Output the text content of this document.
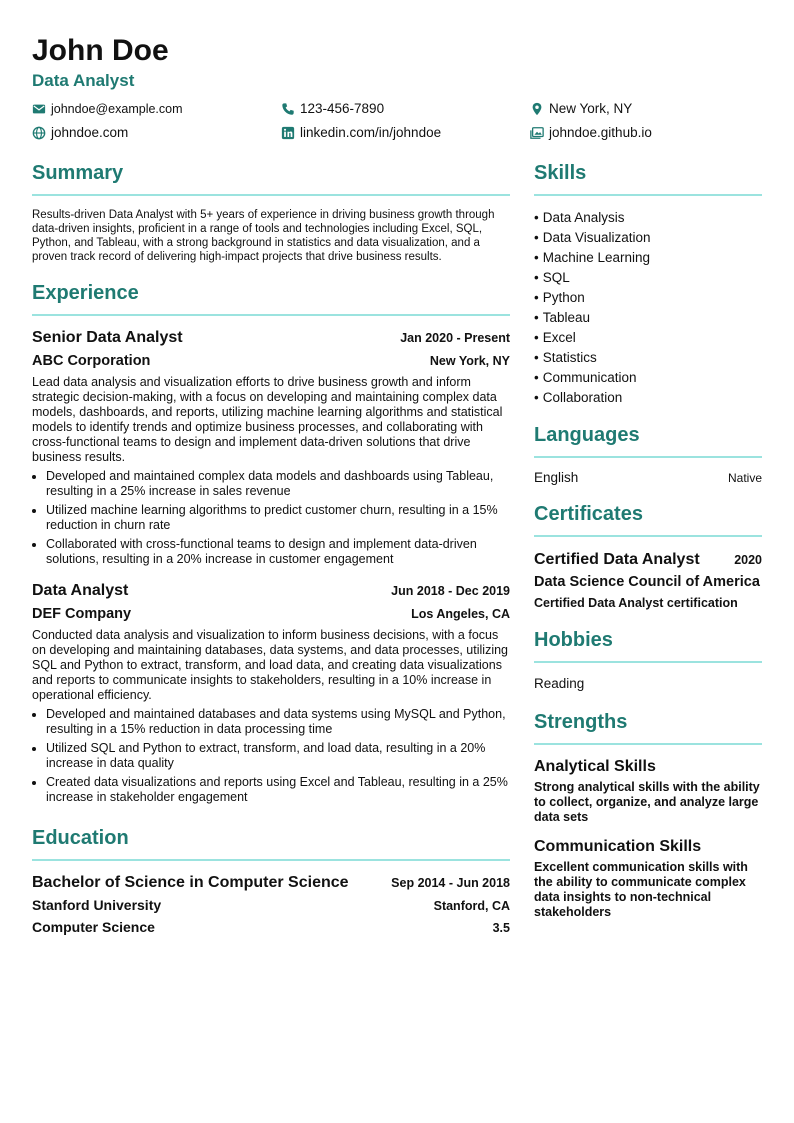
John Doe
Data Analyst
johndoe@example.com	123-456-7890	New York, NY
johndoe.com	linkedin.com/in/johndoe	johndoe.github.io
Summary

Results-driven Data Analyst with 5+ years of experience in driving business growth through data-driven insights, proficient in a range of tools and technologies including Excel, SQL, Python, and Tableau, with a strong background in statistics and data visualization, and a proven track record of delivering high-impact projects that drive business results.

Experience
Senior Data Analyst	Jan 2020 - Present
ABC Corporation	New York, NY
Lead data analysis and visualization efforts to drive business growth and inform strategic decision-making, with a focus on developing and maintaining complex data models, dashboards, and reports, utilizing machine learning algorithms and statistical models to identify trends and optimize business processes, and collaborating with cross-functional teams to design and implement data-driven solutions that drive business results.
• Developed and maintained complex data models and dashboards using Tableau, resulting in a 25% increase in sales revenue
• Utilized machine learning algorithms to predict customer churn, resulting in a 15% reduction in churn rate
• Collaborated with cross-functional teams to design and implement data-driven solutions, resulting in a 20% increase in customer engagement
Data Analyst	Jun 2018 - Dec 2019
DEF Company	Los Angeles, CA
Conducted data analysis and visualization to inform business decisions, with a focus on developing and maintaining databases, data systems, and data processes, utilizing SQL and Python to extract, transform, and load data, and creating data visualizations and reports to communicate insights to stakeholders, resulting in a 10% increase in operational efficiency.
• Developed and maintained databases and data systems using MySQL and Python, resulting in a 15% reduction in data processing time
• Utilized SQL and Python to extract, transform, and load data, resulting in a 20% increase in data quality
• Created data visualizations and reports using Excel and Tableau, resulting in a 25% increase in stakeholder engagement
Education
Bachelor of Science in Computer Science	Sep 2014 - Jun 2018
Stanford University	Stanford, CA
Computer Science	3.5
Skills
• Data Analysis
• Data Visualization
• Machine Learning
• SQL
• Python
• Tableau
• Excel
• Statistics
• Communication
• Collaboration
Languages
English	Native
Certificates
Certified Data Analyst	2020
Data Science Council of America
Certified Data Analyst certification
Hobbies
Reading
Strengths
Analytical Skills
Strong analytical skills with the ability to collect, organize, and analyze large data sets
Communication Skills
Excellent communication skills with the ability to communicate complex data insights to non-technical stakeholders
